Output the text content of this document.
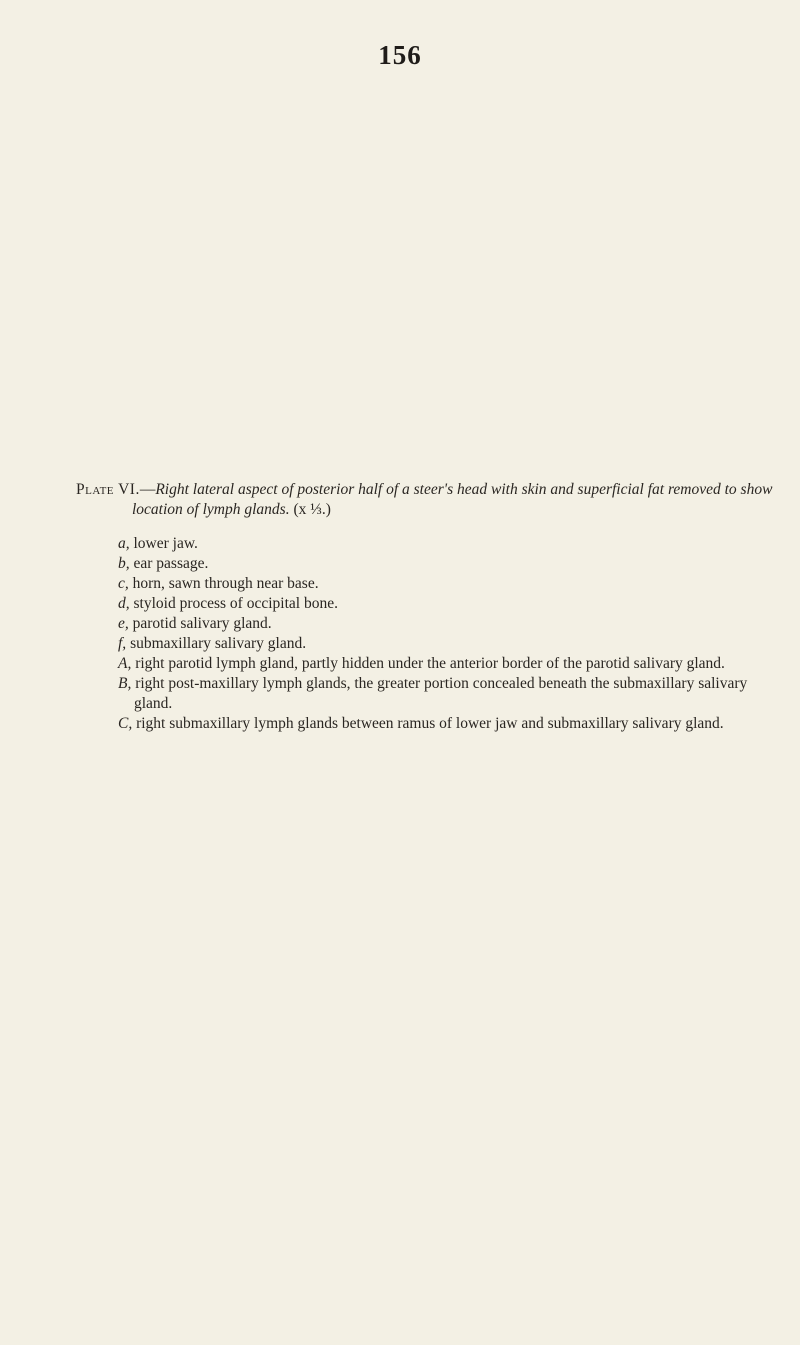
156

Plate VI.—Right lateral aspect of posterior half of a steer's head with skin and superficial fat removed to show location of lymph glands. (x ⅓.)

a, lower jaw.
b, ear passage.
c, horn, sawn through near base.
d, styloid process of occipital bone.
e, parotid salivary gland.
f, submaxillary salivary gland.
A, right parotid lymph gland, partly hidden under the anterior border of the parotid salivary gland.
B, right post-maxillary lymph glands, the greater portion concealed beneath the submaxillary salivary gland.
C, right submaxillary lymph glands between ramus of lower jaw and submaxillary salivary gland.
